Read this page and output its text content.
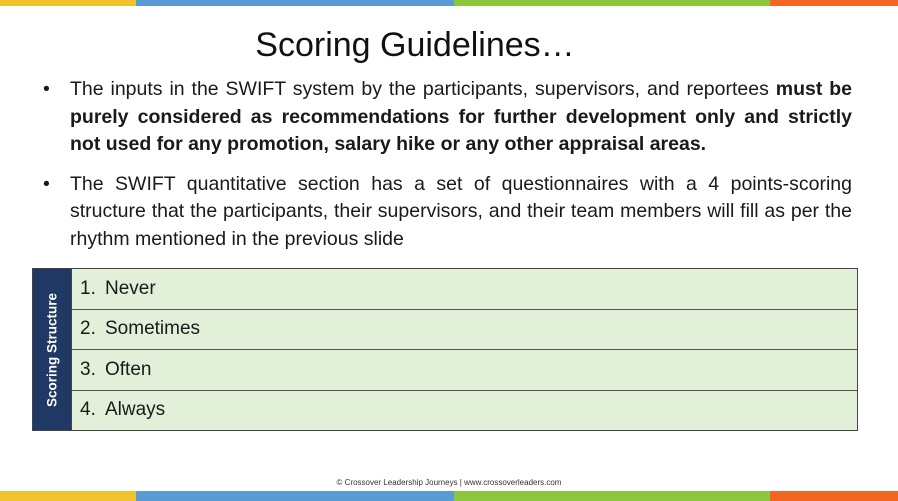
Scoring Guidelines…
• The inputs in the SWIFT system by the participants, supervisors, and reportees must be purely considered as recommendations for further development only and strictly not used for any promotion, salary hike or any other appraisal areas.
• The SWIFT quantitative section has a set of questionnaires with a 4 points-scoring structure that the participants, their supervisors, and their team members will fill as per the rhythm mentioned in the previous slide
Scoring Structure
1. Never
2. Sometimes
3. Often
4. Always
© Crossover Leadership Journeys | www.crossoverleaders.com
